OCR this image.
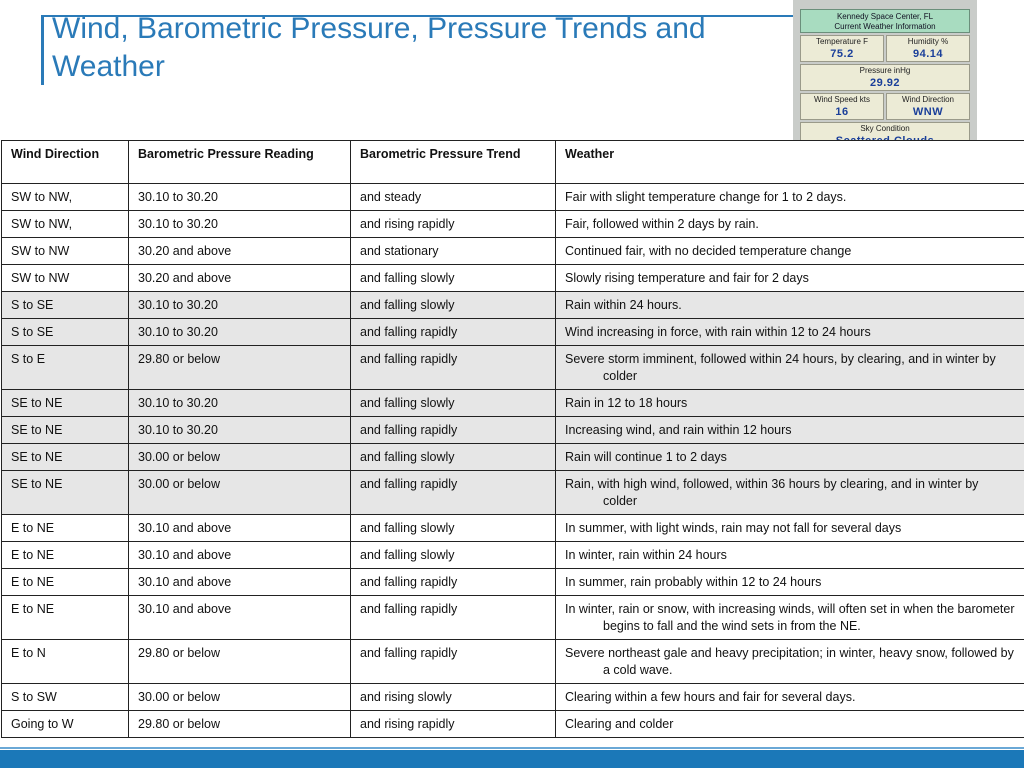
Wind, Barometric Pressure, Pressure Trends and
Weather
Kennedy Space Center, FL
Current Weather Information
Temperature F
75.2
Humidity %
94.14
Pressure inHg
29.92
Wind Speed kts
16
Wind Direction
WNW
Sky Condition
Wind Direction	Barometric Pressure Reading	Barometric Pressure Trend	Weather
SW to NW,	30.10 to 30.20	and steady	Fair with slight temperature change for 1 to 2 days.

SW to NW,	30.10 to 30.20	and rising rapidly	Fair, followed within 2 days by rain.

SW to NW	30.20 and above	and stationary	Continued fair, with no decided temperature change

SW to NW	30.20 and above	and falling slowly	Slowly rising temperature and fair for 2 days

S to SE	30.10 to 30.20	and falling slowly	Rain within 24 hours.

S to SE	30.10 to 30.20	and falling rapidly	Wind increasing in force, with rain within 12 to 24 hours

S to E	29.80 or below	and falling rapidly	Severe storm imminent, followed within 24 hours, by clearing, and in winter by colder

SE to NE	30.10 to 30.20	and falling slowly	Rain in 12 to 18 hours

SE to NE	30.10 to 30.20	and falling rapidly	Increasing wind, and rain within 12 hours

SE to NE	30.00 or below	and falling slowly	Rain will continue 1 to 2 days

SE to NE	30.00 or below	and falling rapidly	Rain, with high wind, followed, within 36 hours by clearing, and in winter by colder

E to NE	30.10 and above	and falling slowly	In summer, with light winds, rain may not fall for several days

E to NE	30.10 and above	and falling slowly	In winter, rain within 24 hours

E to NE	30.10 and above	and falling rapidly	In summer, rain probably within 12 to 24 hours

E to NE	30.10 and above	and falling rapidly	In winter, rain or snow, with increasing winds, will often set in when the barometer begins to fall and the wind sets in from the NE.

E to N	29.80 or below	and falling rapidly	Severe northeast gale and heavy precipitation; in winter, heavy snow, followed by a cold wave.

S to SW	30.00 or below	and rising slowly	Clearing within a few hours and fair for several days.

Going to W	29.80 or below	and rising rapidly	Clearing and colder
